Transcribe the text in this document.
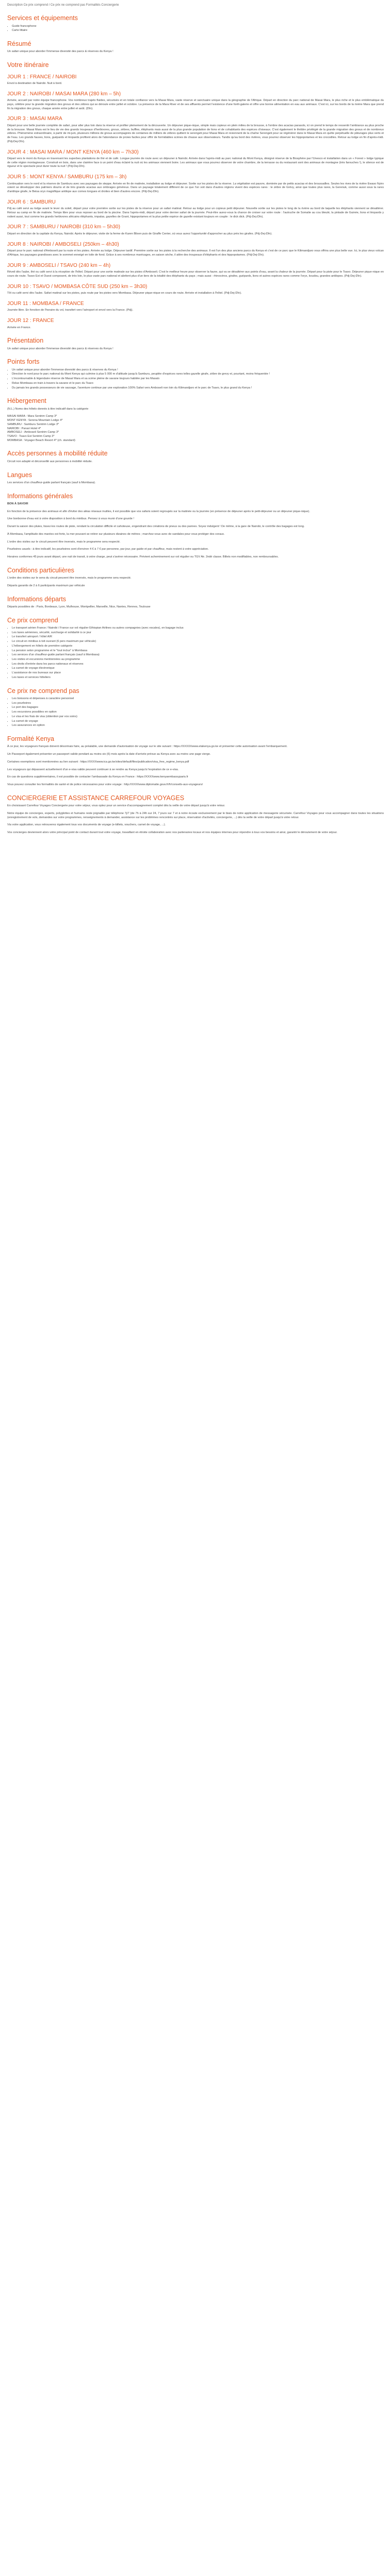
Description Ce prix comprend / Ce prix ne comprend pas Formalités Conciergerie
Services et équipements
• Guide francophone
• Carte littaire
Résumé

Un safari unique pour aborder l'immense diversité des parcs & réserves du Kenya !

Votre itinéraire
JOUR 1 : FRANCE / NAIROBI

Envol à destination de Nairobi. Nuit à bord.

JOUR 2 : NAIROBI / MASAI MARA (280 km – 5h)

Arrivée, accueil par notre équipe francophone. Vos nombreux trajets fluides, sécurisés et en totale confiance vers la Masai Mara, vaste réserve et sanctuaire unique dans la géographie de l'Afrique. Départ en direction du parc national de Masai Mara, le plus riche et le plus emblématique du pays, célèbre pour la grande migration des gnous et des zèbres qui se déroule entre juillet et octobre. La présence de la Mara River et de ses affluents permet l'existence d'une forêt-galerie et offre une bonne alimentation en eau aux animaux. C'est ici, sur les bords de la rivière Mara que prend fin la migration des gnous, chaque année entre juillet et août. (Dîn).

JOUR 3 : MASAI MARA

Départ pour une belle journée complète de safari, pour aller plus loin dans la réserve et profiter pleinement de la découverte. Un déjeuner pique-nique, simple mais copieux en plein milieu de la brousse, à l'ombre des acacias parasols, ici on prend le temps de ressentir l'ambiance au plus proche de la brousse. Masai Mara est le lieu de vie des grands troupeaux d'herbivores, gnous, zèbres, buffles, éléphants mais aussi de la plus grande population de lions et de cohabitants des espèces d'oiseaux. C'est également le théâtre privilégié de la grande migration des gnous et de nombreux zèbres. Phénomène extraordinaire, à partir de mi-juin, plusieurs millions de gnous accompagnés de centaines de milliers de zèbres quittent le serengeti pour Masai Mara et reviennent de la chaîne Serengeti pour se régénérer dans le Masai Mara en quête perpétuelle de pâturages plus verts et de l'eau. Les grands fauves, lions, guépards et léopards profitent alors de l'abondance de proies faciles pour offrir de formidables scènes de chasse aux observateurs. Tandis qu'au bord des rivières, vous pourrez observer les hippopotames et les crocodiles. Retour au lodge en fin d'après-midi. (Pdj-Dej-Dîn).

JOUR 4 : MASAI MARA / MONT KENYA (460 km – 7h30)

Départ vers le mont du Kenya en traversant les superbes plantations de thé et de café. Longue journée de route avec un déjeuner à Nairobi. Arrivée dans l'après-midi au parc national du Mont Kenya, désigné réserve de la Biosphère par l'Unesco et installation dans un « Forest » lodge typique de cette région montagneuse. Construit en bois, dans une clairière face à un point d'eau éclairé la nuit où les animaux viennent boire. Les animaux que vous pourrez observer de votre chambre, de la terrasse ou du restaurant sont des animaux de montagne (très farouches !), le silence est de rigueur et le spectacle peut durer toute la nuit ! (Pdj-Dej-Dîn).

JOUR 5 : MONT KENYA / SAMBURU (175 km – 3h)

Continuation vers le nord et la réserve de Samburu avec ses paysages de steppe. Arrivée en fin de matinée, installation au lodge et déjeuner. Sortie sur les pistes de la réserve. La végétation est pauvre, dominée par de petits acacias et des broussailles. Seules les rives de la rivière Ewaso Nyiro voient se développer des palmiers doums et de très grands acacias aux ombrages généreux. Dans un paysage totalement différent de ce que l'on voit dans d'autres régions vivent des espèces rares : le zèbre de Grévy, ainsi que toutes plus rares, la Gerenuk, comme aussi sous la rares d'antilope girafe, le Beisa oryx magnifique antilope aux cornes longues et droites et bien d'autres encore. (Pdj-Dej-Dîn).

JOUR 6 : SAMBURU

Pdj au café servi au lodge avant le lever du soleil, départ pour votre première sortie sur les pistes de la réserve pour un safari matinal. Retour au lodge pour un copieux petit déjeuner. Nouvelle sortie sur les pistes le long de la rivière au bord de laquelle les éléphants viennent se désaltérer. Retour au camp en fin de matinée. Temps libre pour vous reposer au bord de la piscine. Dans l'après-midi, départ pour votre dernier safari de la journée. Peut-être aurez-vous la chance de croiser sur votre route : l'autruche de Somalie au cou bleuté, la pintade de Guinée, lions et léopards y rodent aussi, tout comme les grands herbivores africains éléphants, impalas, gazelles de Grant, hippopotames et la plus petite espèce de gazelle existant toujours en couple : le dick dick. (Pdj-Dej-Dîn).

JOUR 7 : SAMBURU / NAIROBI (310 km – 5h30)

Départ en direction de la capitale du Kenya, Nairobi. Après le déjeuner, visite de la ferme de Karen Blixen puis de Giraffe Center, où vous aurez l'opportunité d'approcher au plus près les girafes. (Pdj-Dej-Dîn).

JOUR 8 : NAIROBI / AMBOSELI (250km – 4h30)

Départ pour le parc national d'Amboseli par la route et les pistes. Arrivée au lodge. Déjeuner tardif. Première sortie sur les pistes à la recherche des animaux. Il est l'un des plus anciens parcs du Kenya et c'est de ce parc que le Kilimandjaro vous offrira une plus belle vue. Ici, le plus vieux volcan d'Afrique, les paysages grandioses avec le sommet enneigé en toile de fond. Grâce à ses nombreux marécages, en saison sèche, il attire des troupeaux d'éléphants et des hippopotames. (Pdj-Dej-Dîn).

JOUR 9 : AMBOSELI / TSAVO (240 km – 4h)

Réveil dès l'aube, thé ou café servi à la réception de l'hôtel. Départ pour une sortie matinale sur les pistes d'Amboseli. C'est le meilleur heure pour observer la faune, qui va se désaltérer aux points d'eau, avant la chaleur de la journée. Départ pour la piste pour le Tsavo. Déjeuner pique-nique en cours de route. Tsavo Est et Ouest composent, de très loin, le plus vaste parc national et abritent plus d'un tiers de la totalité des éléphants du pays ; mais aussi : rhinocéros, girafes, guépards, lions et autres espèces rares comme l'oryx, koudou, grandes antilopes. (Pdj-Dej-Dîn).

JOUR 10 : TSAVO / MOMBASA CÔTE SUD (250 km – 3h30)

Tôt ou café servi dès l'aube. Safari matinal sur les pistes, puis route par les pistes vers Mombasa. Déjeuner pique-nique en cours de route. Arrivée et installation à l'hôtel. (Pdj-Dej-Dîn).

JOUR 11 : MOMBASA / FRANCE

Journée libre. En fonction de l'horaire du vol, transfert vers l'aéroport et envol vers la France. (Pdj).

JOUR 12 : FRANCE

Arrivée en France.

Présentation

Un safari unique pour aborder l'immense diversité des parcs & réserves du Kenya !

Points forts
• Un safari unique pour aborder l'immense diversité des parcs & réserves du Kenya !
• Direction le nord pour le parc national du Mont Kenya qui culmine à plus 5 000 m d'altitude jusqu'à Samburu, peuplée d'espèces rares telles gazelle girafe, zèbre de grevy et, pourtant, moins fréquentée !
• L'incontournable & légendaire réserve de Masaï Mara et sa scène pleine de savane toujours habitée par les Masaïs
• Relax Mombasa en train à travers la savane et le parc du Tsavo
• Du jamais les grands possesseurs de vie sauvage, l'aventure continue par une exploration 100% Safari vers Amboseli non loin du Kilimandjaro et le parc de Tsavo, le plus grand du Kenya !
Hébergement

(N.L.) Noms des hôtels donnés à titre indicatif dans la catégorie

MASAI MARA : Mara Sentrim Camp 3*
MONT KENYA : Serena Mountain Lodge 4*
SAMBURU : Samburu Sentrim Lodge 3*
NAIROBI : Panari Hotel 4*
AMBOSELI : Amboseli Sentrim Camp 3*
TSAVO : Tsavo Est Sentrim Camp 3*
MOMBASA : Voyager Beach Resort 4* (ch. standard)
Accès personnes à mobilité réduite

Circuit non adapté et déconseillé aux personnes à mobilité réduite.

Langues

Les services d'un chauffeur-guide parlant français (sauf à Mombasa).

Informations générales

BON À SAVOIR

En fonction de la présence des animaux et afin d'éviter des aléas réseaux inutiles, il est possible que vos safaris soient regroupés sur la matinée ou la journée (en présence de déjeuner après le petit-déjeuner ou un déjeuner pique-nique).

Une bonbonne d'eau est à votre disposition à bord du minibus. Pensez à vous munir d'une gourde !

Durant la saison des pluies, lissez-les routes de piste, rendant la circulation difficile et cahoteuse, engendrant des créations de pneus ou des pannes. Soyez indulgent ! De même, à la gare de Nairobi, le contrôle des bagages est long.

À Mombasa, l'amplitude des marées est forte, la mer pouvant se retirer sur plusieurs dizaines de mètres ; marchez-vous avec de sandales pour vous protéger des coraux.

L'ordre des visites sur le circuit peuvent être inversés, mais le programme sera respecté.

Pourboires usuels : à titre indicatif, les pourboires sont d'environ 4 € à 7 € par personne, par jour, par guide et par chauffeur, mais restent à votre appréciation.

Horaires conformes 45 jours avant départ, une nuit de transit, à votre charge, peut s'avérer nécessaire. Prévient acheminement sur vol régulier ou TGV Air. 2ndé classe. Billets non modifiables, non remboursables.

Conditions particulières

L'ordre des visites sur le sens du circuit peuvent être inversés, mais le programme sera respecté.

Départs garantis de 2 à 6 participants maximum par véhicule

Informations départs

Départs possibles de : Paris, Bordeaux, Lyon, Mulhouse, Montpellier, Marseille, Nice, Nantes, Rennes, Toulouse

Ce prix comprend
• Le transport aérien France / Nairobi / France sur vol régulier Ethiopian Airlines ou autres compagnies (avec escales), en bagage inclus
• Les taxes aériennes, sécurité, surcharge et solidarité à ce jour
• Le transfert aéroport / hôtel A/R
• Le circuit en minibus à toit ouvrant (6 pers maximum par véhicule)
• L'hébergement en hôtels de première catégorie
• La pension selon programme et le "tout inclus" à Mombasa
• Les services d'un chauffeur-guide parlant français (sauf à Mombasa)
• Les visites et excursions mentionnées au programme
• Les droits d'entrée dans les parcs nationaux et réserves
• La carnet de voyage électronique
• L'assistance de nos bureaux sur place
• Les taxes et services hôteliers
Ce prix ne comprend pas
• Les boissons et dépenses à caractère personnel
• Les pourboires
• Le port des bagages
• Les excursions possibles en option
• Le visa et les frais de visa (obtention par vos soins)
• La carnet de voyage
• Les assurances en option
Formalité Kenya

À ce jour, les voyageurs français doivent désormais faire, au préalable, une demande d'autorisation de voyage sur le site suivant : https://XXXXXwww.etakenya.go.ke et présenter cette autorisation avant l'embarquement.

Un Passeport également présenter un passeport valide pendant au moins six (6) mois après la date d'arrivée prévue au Kenya avec au moins une page vierge.

Certaines exemptions sont mentionnées au lien suivant : https://XXXXwww.ica.go.ke/sites/default/files/publication/visa_free_regime_kenya.pdf

Les voyageurs qui dépassent actuellement d'un e-visa valide peuvent continuer à se rendre au Kenya jusqu'à l'expiration de ce e-visa.

En cas de questions supplémentaires, il est possible de contacter l'ambassade du Kenya en France : https://XXXXwww.kenyaembassyparis.fr

Vous pouvez consulter les formalités de santé et de police nécessaires pour votre voyage : http://XXXXwww.diplomatie.gouv.fr/fr/conseils-aux-voyageurs/

CONCIERGERIE ET ASSISTANCE CARREFOUR VOYAGES

En choisissant Carrefour Voyages Conciergerie pour votre séjour, vous optez pour un service d'accompagnement complet dès la veille de votre départ jusqu'à votre retour.

Notre équipe de concierges, experts, polyglottes et humains reste joignable par téléphone 7j/7 (de 7h à 24h sur 24, 7 jours sur 7 et à notre écoute exclusivement par le biais de notre application de messagerie sécurisée. Carrefour Voyages pour vous accompagner dans toutes les situations (enregistrement de vols, demandes sur votre programmes, renseignements à demander, assistance sur les problèmes rencontrés sur place, réservation d'activités, conciergerie, ...) dès la veille de votre départ jusqu'à votre retour.

Via votre application, vous retrouverez également tous vos documents de voyage (e-billets, vouchers, carnet de voyage, ...).

Vos concierges deviennent alors votre principal point de contact durant tout votre voyage, travaillant en étroite collaboration avec nos partenaires locaux et nos équipes internes pour répondre à tous vos besoins et ainsi, garantir le déroulement de votre séjour.
